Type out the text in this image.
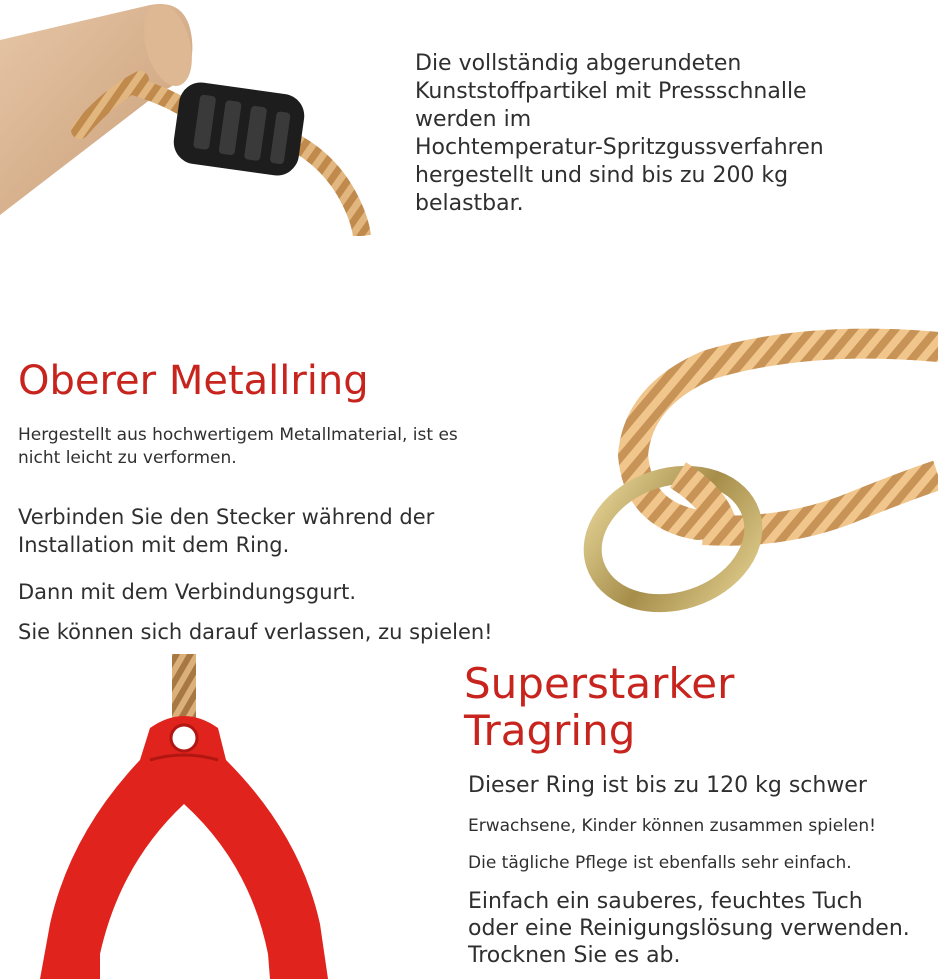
Die vollständig abgerundeten
Kunststoffpartikel mit Pressschnalle
werden im
Hochtemperatur-Spritzgussverfahren
hergestellt und sind bis zu 200 kg
belastbar.
Oberer Metallring
Hergestellt aus hochwertigem Metallmaterial, ist es
nicht leicht zu verformen.
Verbinden Sie den Stecker während der
Installation mit dem Ring.
Dann mit dem Verbindungsgurt.
Sie können sich darauf verlassen, zu spielen!
Superstarker
Tragring
Dieser Ring ist bis zu 120 kg schwer
Erwachsene, Kinder können zusammen spielen!
Die tägliche Pflege ist ebenfalls sehr einfach.
Einfach ein sauberes, feuchtes Tuch
oder eine Reinigungslösung verwenden.
Trocknen Sie es ab.
